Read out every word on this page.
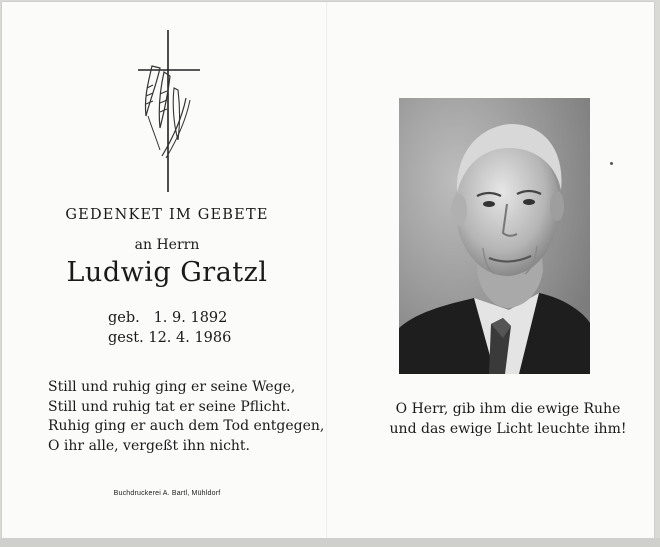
GEDENKET IM GEBETE
an Herrn
Ludwig Gratzl
geb.   1. 9. 1892
gest. 12. 4. 1986
Still und ruhig ging er seine Wege,
Still und ruhig tat er seine Pflicht.
Ruhig ging er auch dem Tod entgegen,
O ihr alle, vergeßt ihn nicht.
Buchdruckerei A. Bartl, Mühldorf
O Herr, gib ihm die ewige Ruhe
und das ewige Licht leuchte ihm!
